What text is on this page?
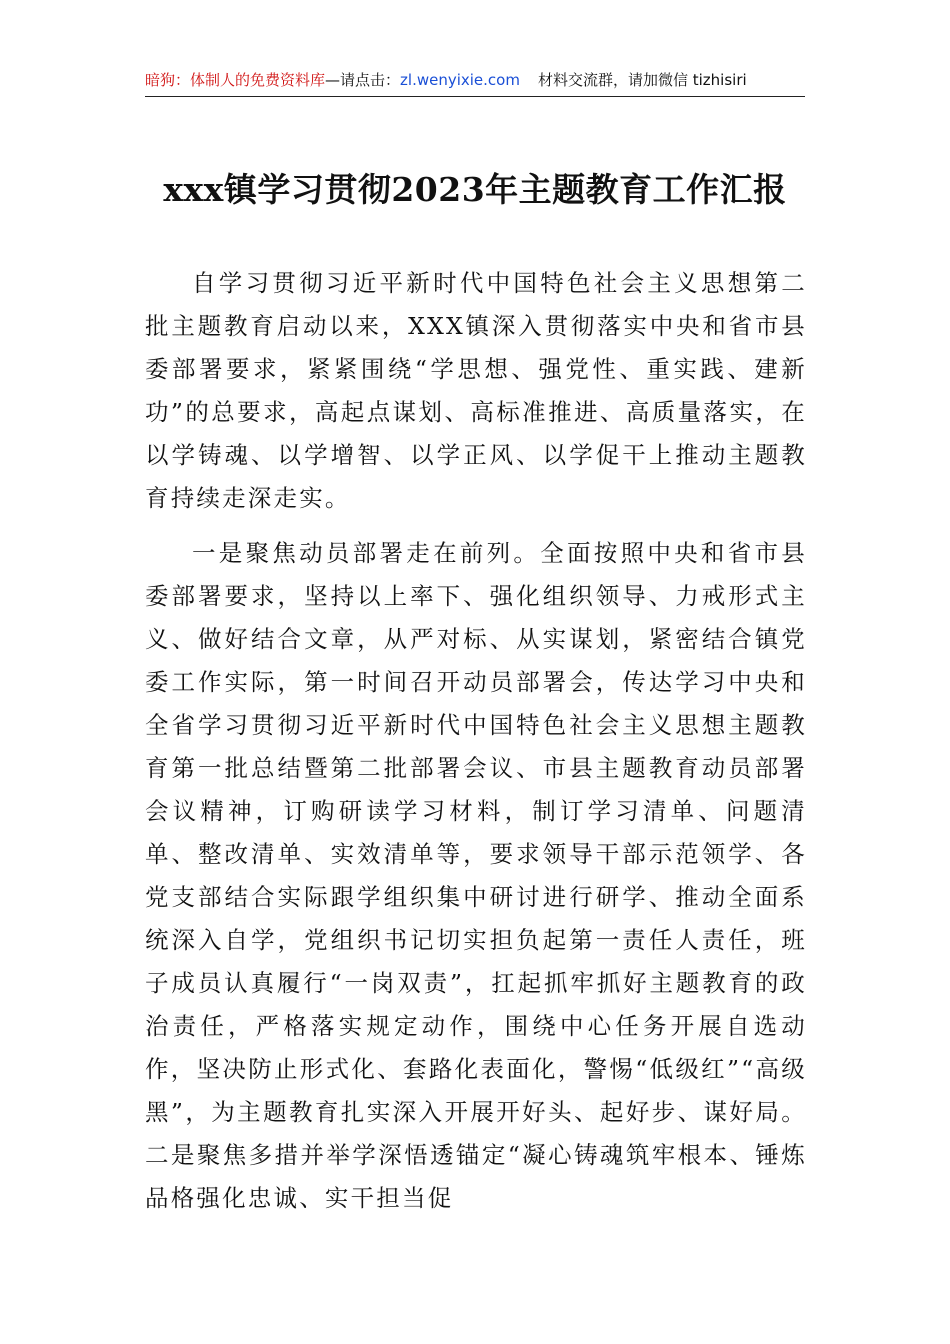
暗狗：体制人的免费资料库—请点击：zl.wenyixie.com 材料交流群，请加微信 tizhisiri
xxx镇学习贯彻2023年主题教育工作汇报

自学习贯彻习近平新时代中国特色社会主义思想第二批主题教育启动以来，XXX镇深入贯彻落实中央和省市县委部署要求，紧紧围绕“学思想、强党性、重实践、建新功”的总要求，高起点谋划、高标准推进、高质量落实，在以学铸魂、以学增智、以学正风、以学促干上推动主题教育持续走深走实。

一是聚焦动员部署走在前列。全面按照中央和省市县委部署要求，坚持以上率下、强化组织领导、力戒形式主义、做好结合文章，从严对标、从实谋划，紧密结合镇党委工作实际，第一时间召开动员部署会，传达学习中央和全省学习贯彻习近平新时代中国特色社会主义思想主题教育第一批总结暨第二批部署会议、市县主题教育动员部署会议精神，订购研读学习材料，制订学习清单、问题清单、整改清单、实效清单等，要求领导干部示范领学、各党支部结合实际跟学组织集中研讨进行研学、推动全面系统深入自学，党组织书记切实担负起第一责任人责任，班子成员认真履行“一岗双责”，扛起抓牢抓好主题教育的政治责任，严格落实规定动作，围绕中心任务开展自选动作，坚决防止形式化、套路化表面化，警惕“低级红”“高级黑”，为主题教育扎实深入开展开好头、起好步、谋好局。二是聚焦多措并举学深悟透锚定“凝心铸魂筑牢根本、锤炼品格强化忠诚、实干担当促
